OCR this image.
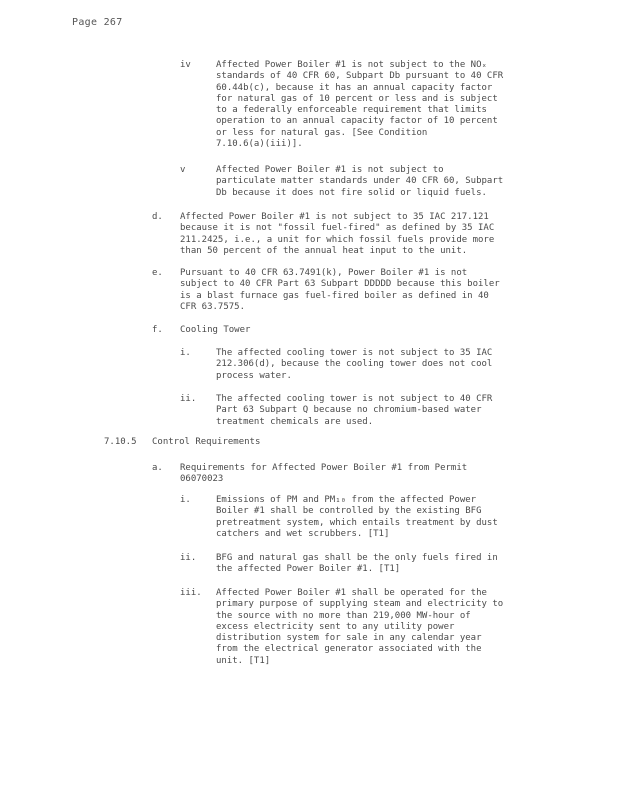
Page 267
iv	Affected Power Boiler #1 is not subject to the NOₓ
standards of 40 CFR 60, Subpart Db pursuant to 40 CFR
60.44b(c), because it has an annual capacity factor
for natural gas of 10 percent or less and is subject
to a federally enforceable requirement that limits
operation to an annual capacity factor of 10 percent
or less for natural gas. [See Condition
7.10.6(a)(iii)].
v	Affected Power Boiler #1 is not subject to
particulate matter standards under 40 CFR 60, Subpart
Db because it does not fire solid or liquid fuels.
d. Affected Power Boiler #1 is not subject to 35 IAC 217.121
because it is not "fossil fuel-fired" as defined by 35 IAC
211.2425, i.e., a unit for which fossil fuels provide more
than 50 percent of the annual heat input to the unit.
e. Pursuant to 40 CFR 63.7491(k), Power Boiler #1 is not
subject to 40 CFR Part 63 Subpart DDDDD because this boiler
is a blast furnace gas fuel-fired boiler as defined in 40
CFR 63.7575.
f. Cooling Tower
i.	The affected cooling tower is not subject to 35 IAC
212.306(d), because the cooling tower does not cool
process water.
ii. The affected cooling tower is not subject to 40 CFR
Part 63 Subpart Q because no chromium-based water
treatment chemicals are used.
7.10.5 Control Requirements
a. Requirements for Affected Power Boiler #1 from Permit
06070023
i.	Emissions of PM and PM₁₀ from the affected Power
Boiler #1 shall be controlled by the existing BFG
pretreatment system, which entails treatment by dust
catchers and wet scrubbers. [T1]
ii. BFG and natural gas shall be the only fuels fired in
the affected Power Boiler #1. [T1]
iii. Affected Power Boiler #1 shall be operated for the
primary purpose of supplying steam and electricity to
the source with no more than 219,000 MW-hour of
excess electricity sent to any utility power
distribution system for sale in any calendar year
from the electrical generator associated with the
unit. [T1]
